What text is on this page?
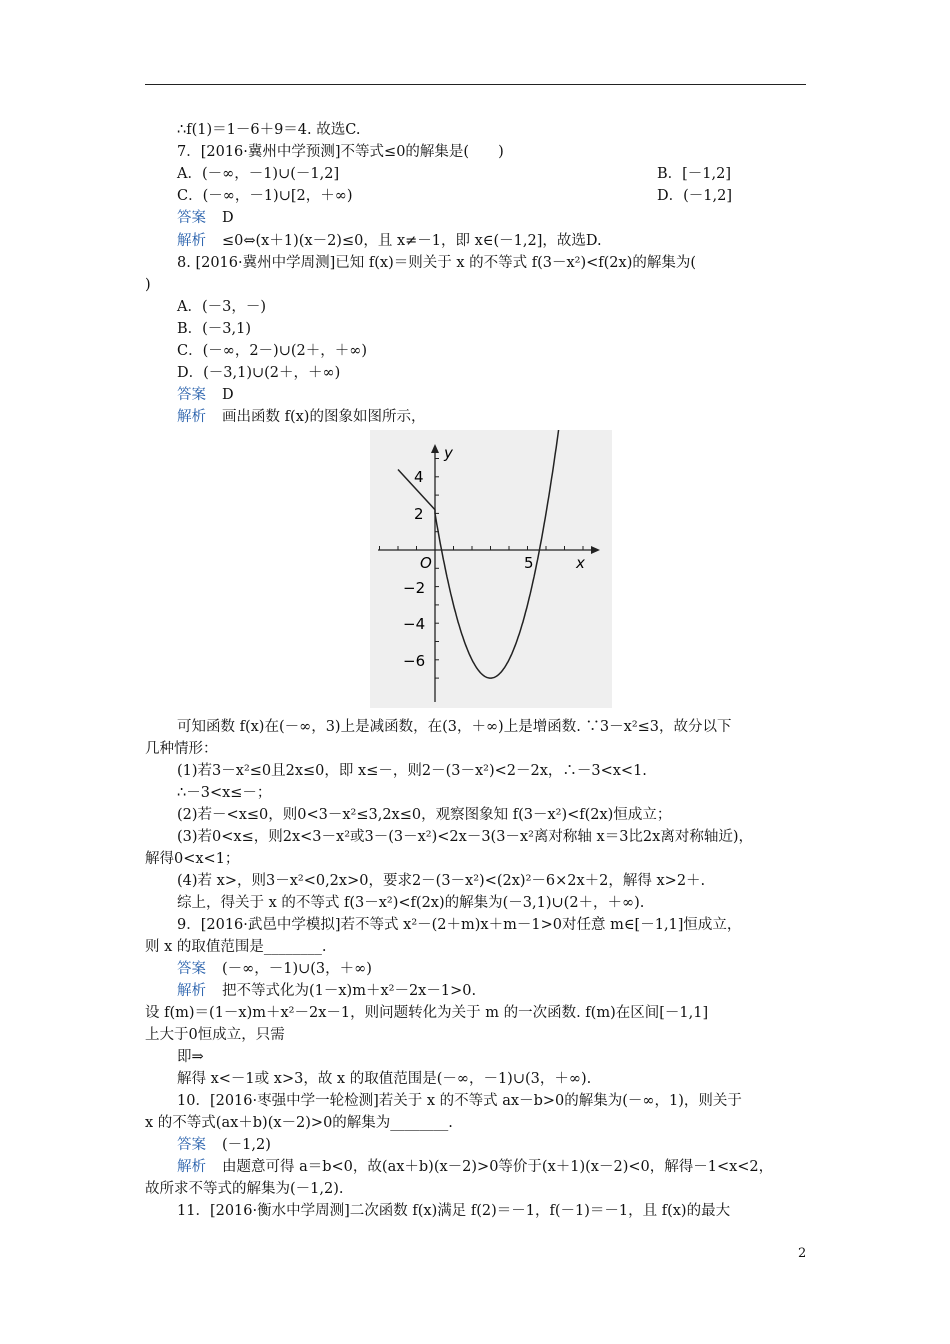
∴f(1)＝1－6＋9＝4. 故选C.
7．[2016·冀州中学预测]不等式≤0的解集是(　　)
A．(－∞，－1)∪(－1,2]	B．[－1,2]
C．(－∞，－1)∪[2，＋∞)	D．(－1,2]
答案 D
解析 ≤0⇔(x＋1)(x－2)≤0，且 x≠－1，即 x∈(－1,2]，故选D.
8. [2016·冀州中学周测]已知 f(x)＝则关于 x 的不等式 f(3－x²)<f(2x)的解集为(
)
A．(－3，－)
B．(－3,1)
C．(－∞，2－)∪(2＋，＋∞)
D．(－3,1)∪(2＋，＋∞)
答案 D
解析 画出函数 f(x)的图象如图所示，
可知函数 f(x)在(－∞，3)上是减函数，在(3，＋∞)上是增函数. ∵3－x²≤3，故分以下
几种情形：
(1)若3－x²≤0且2x≤0，即 x≤－，则2－(3－x²)<2－2x，∴－3<x<1.
∴－3<x≤－；
(2)若－<x≤0，则0<3－x²≤3,2x≤0，观察图象知 f(3－x²)<f(2x)恒成立；
(3)若0<x≤，则2x<3－x²或3－(3－x²)<2x－3(3－x²离对称轴 x＝3比2x离对称轴近)，
解得0<x<1；
(4)若 x>，则3－x²<0,2x>0，要求2－(3－x²)<(2x)²－6×2x＋2，解得 x>2＋.
综上，得关于 x 的不等式 f(3－x²)<f(2x)的解集为(－3,1)∪(2＋，＋∞).
9．[2016·武邑中学模拟]若不等式 x²－(2＋m)x＋m－1>0对任意 m∈[－1,1]恒成立，
则 x 的取值范围是________.
答案 (－∞，－1)∪(3，＋∞)
解析 把不等式化为(1－x)m＋x²－2x－1>0.
设 f(m)＝(1－x)m＋x²－2x－1，则问题转化为关于 m 的一次函数. f(m)在区间[－1,1]
上大于0恒成立，只需
即⇒
解得 x<－1或 x>3，故 x 的取值范围是(－∞，－1)∪(3，＋∞).
10．[2016·枣强中学一轮检测]若关于 x 的不等式 ax－b>0的解集为(－∞，1)，则关于
x 的不等式(ax＋b)(x－2)>0的解集为________.
答案 (－1,2)
解析 由题意可得 a＝b<0，故(ax＋b)(x－2)>0等价于(x＋1)(x－2)<0，解得－1<x<2，
故所求不等式的解集为(－1,2).
11．[2016·衡水中学周测]二次函数 f(x)满足 f(2)＝－1，f(－1)＝－1，且 f(x)的最大
y
x
O	5
4
2
−2
−4
−6
2
